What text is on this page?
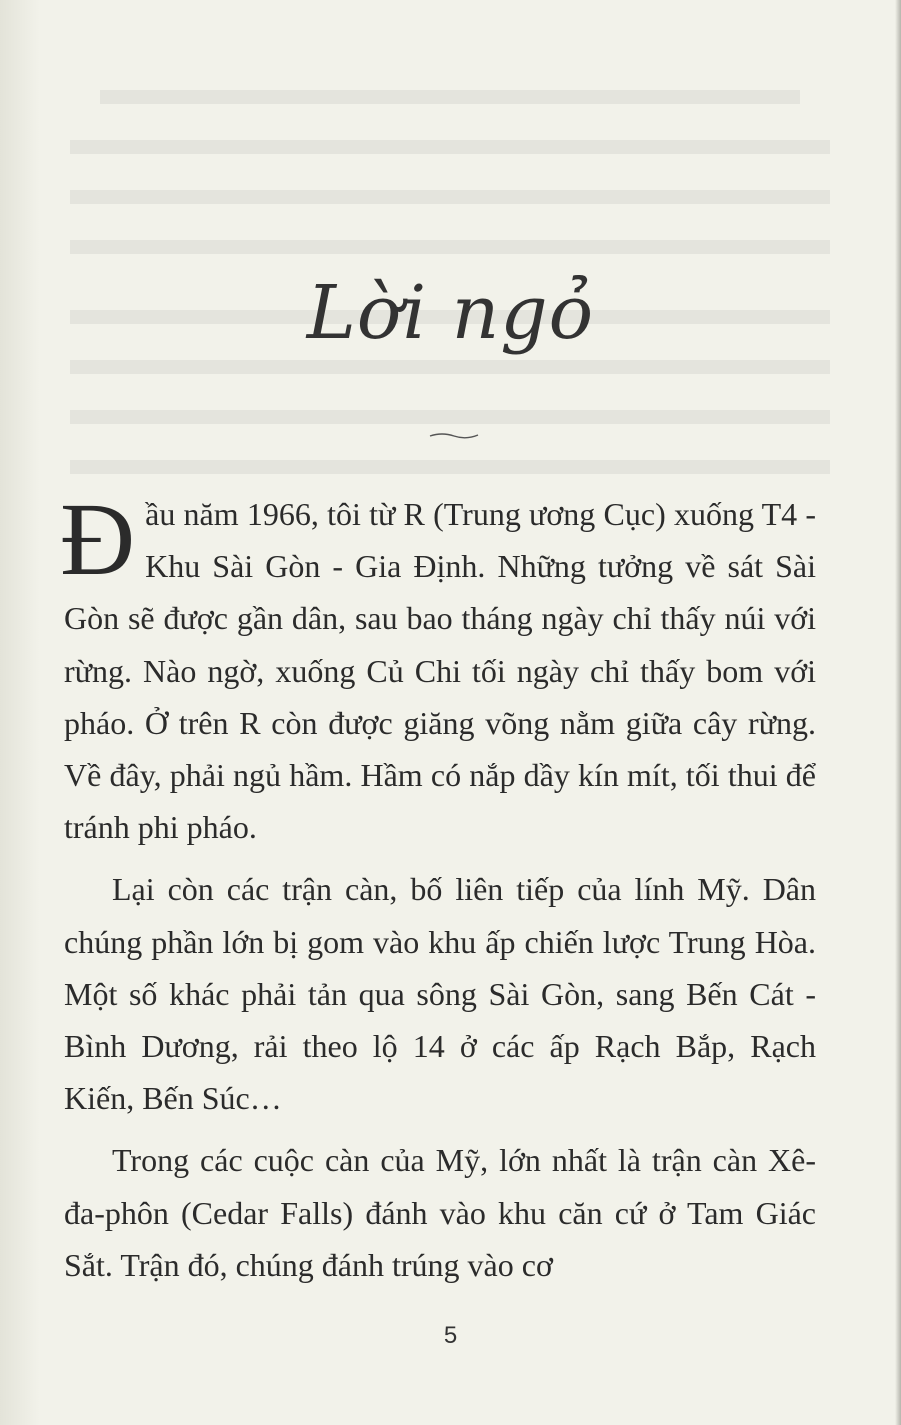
Lời ngỏ

Đầu năm 1966, tôi từ R (Trung ương Cục) xuống T4 - Khu Sài Gòn - Gia Định. Những tưởng về sát Sài Gòn sẽ được gần dân, sau bao tháng ngày chỉ thấy núi với rừng. Nào ngờ, xuống Củ Chi tối ngày chỉ thấy bom với pháo. Ở trên R còn được giăng võng nằm giữa cây rừng. Về đây, phải ngủ hầm. Hầm có nắp dầy kín mít, tối thui để tránh phi pháo.

Lại còn các trận càn, bố liên tiếp của lính Mỹ. Dân chúng phần lớn bị gom vào khu ấp chiến lược Trung Hòa. Một số khác phải tản qua sông Sài Gòn, sang Bến Cát - Bình Dương, rải theo lộ 14 ở các ấp Rạch Bắp, Rạch Kiến, Bến Súc…

Trong các cuộc càn của Mỹ, lớn nhất là trận càn Xê-đa-phôn (Cedar Falls) đánh vào khu căn cứ ở Tam Giác Sắt. Trận đó, chúng đánh trúng vào cơ

5
